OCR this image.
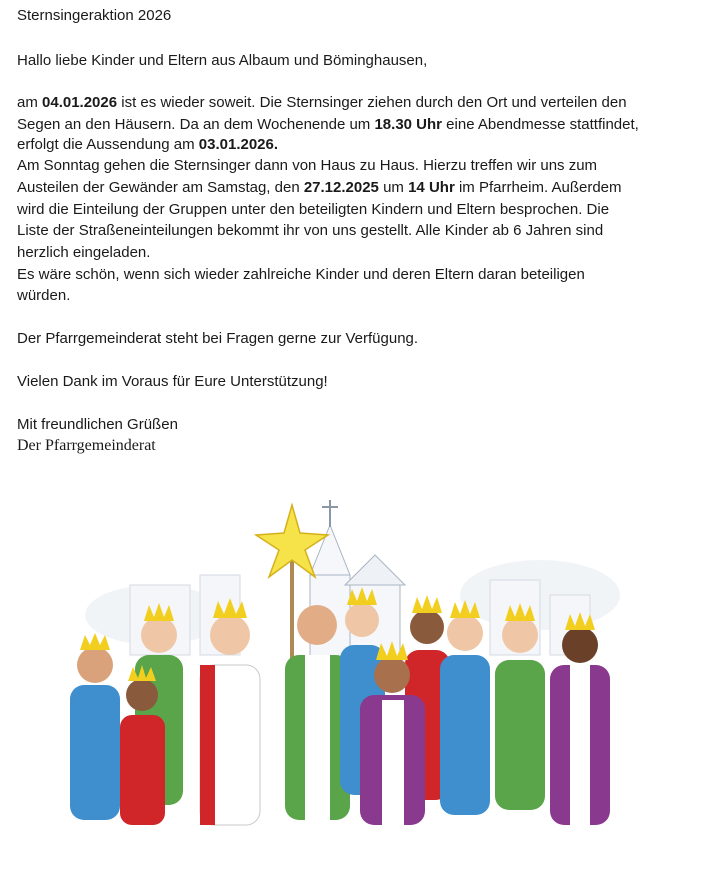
Sternsingeraktion 2026
Hallo liebe Kinder und Eltern aus Albaum und Böminghausen,
am 04.01.2026 ist es wieder soweit. Die Sternsinger ziehen durch den Ort und verteilen den
Segen an den Häusern. Da an dem Wochenende um 18.30 Uhr eine Abendmesse stattfindet,
erfolgt die Aussendung am 03.01.2026.
Am Sonntag gehen die Sternsinger dann von Haus zu Haus. Hierzu treffen wir uns zum
Austeilen der Gewänder am Samstag, den 27.12.2025 um 14 Uhr im Pfarrheim. Außerdem
wird die Einteilung der Gruppen unter den beteiligten Kindern und Eltern besprochen. Die
Liste der Straßeneinteilungen bekommt ihr von uns gestellt. Alle Kinder ab 6 Jahren sind
herzlich eingeladen.
Es wäre schön, wenn sich wieder zahlreiche Kinder und deren Eltern daran beteiligen
würden.
Der Pfarrgemeinderat steht bei Fragen gerne zur Verfügung.
Vielen Dank im Voraus für Eure Unterstützung!
Mit freundlichen Grüßen
Der Pfarrgemeinderat
